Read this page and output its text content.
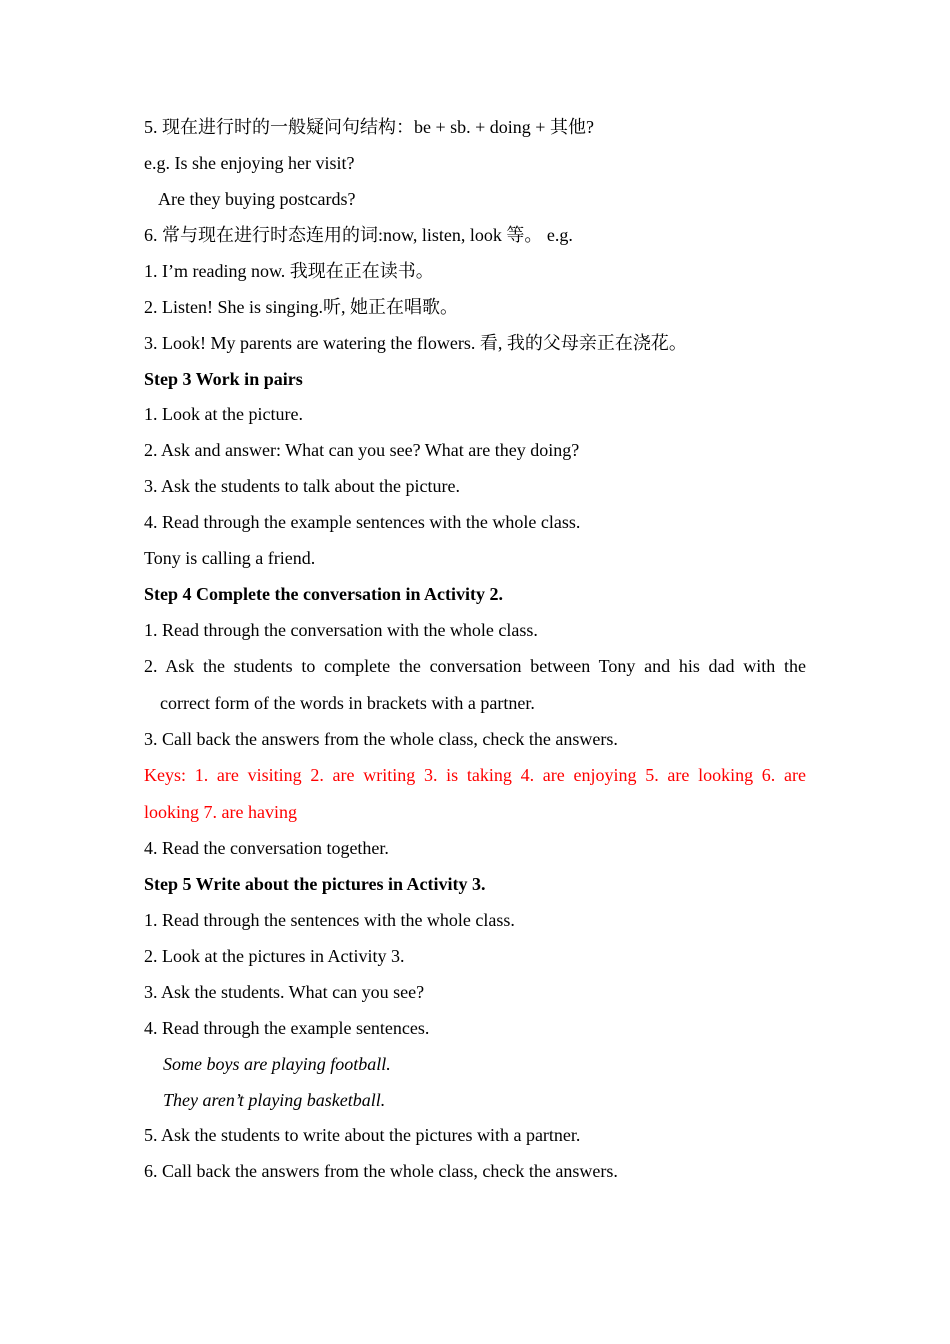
5. 现在进行时的一般疑问句结构：be + sb. + doing + 其他?
e.g. Is she enjoying her visit?
Are they buying postcards?
6. 常与现在进行时态连用的词:now, listen, look 等。 e.g.
1. I’m reading now. 我现在正在读书。
2. Listen! She is singing.听, 她正在唱歌。
3. Look! My parents are watering the flowers. 看, 我的父母亲正在浇花。
Step 3 Work in pairs
1. Look at the picture.
2. Ask and answer: What can you see? What are they doing?
3. Ask the students to talk about the picture.
4. Read through the example sentences with the whole class.
Tony is calling a friend.
Step 4 Complete the conversation in Activity 2.
1. Read through the conversation with the whole class.
2. Ask the students to complete the conversation between Tony and his dad with the
correct form of the words in brackets with a partner.
3. Call back the answers from the whole class, check the answers.
Keys: 1. are visiting 2. are writing 3. is taking 4. are enjoying 5. are looking 6. are
looking 7. are having
4. Read the conversation together.
Step 5 Write about the pictures in Activity 3.
1. Read through the sentences with the whole class.
2. Look at the pictures in Activity 3.
3. Ask the students. What can you see?
4. Read through the example sentences.
Some boys are playing football.
They aren’t playing basketball.
5. Ask the students to write about the pictures with a partner.
6. Call back the answers from the whole class, check the answers.
